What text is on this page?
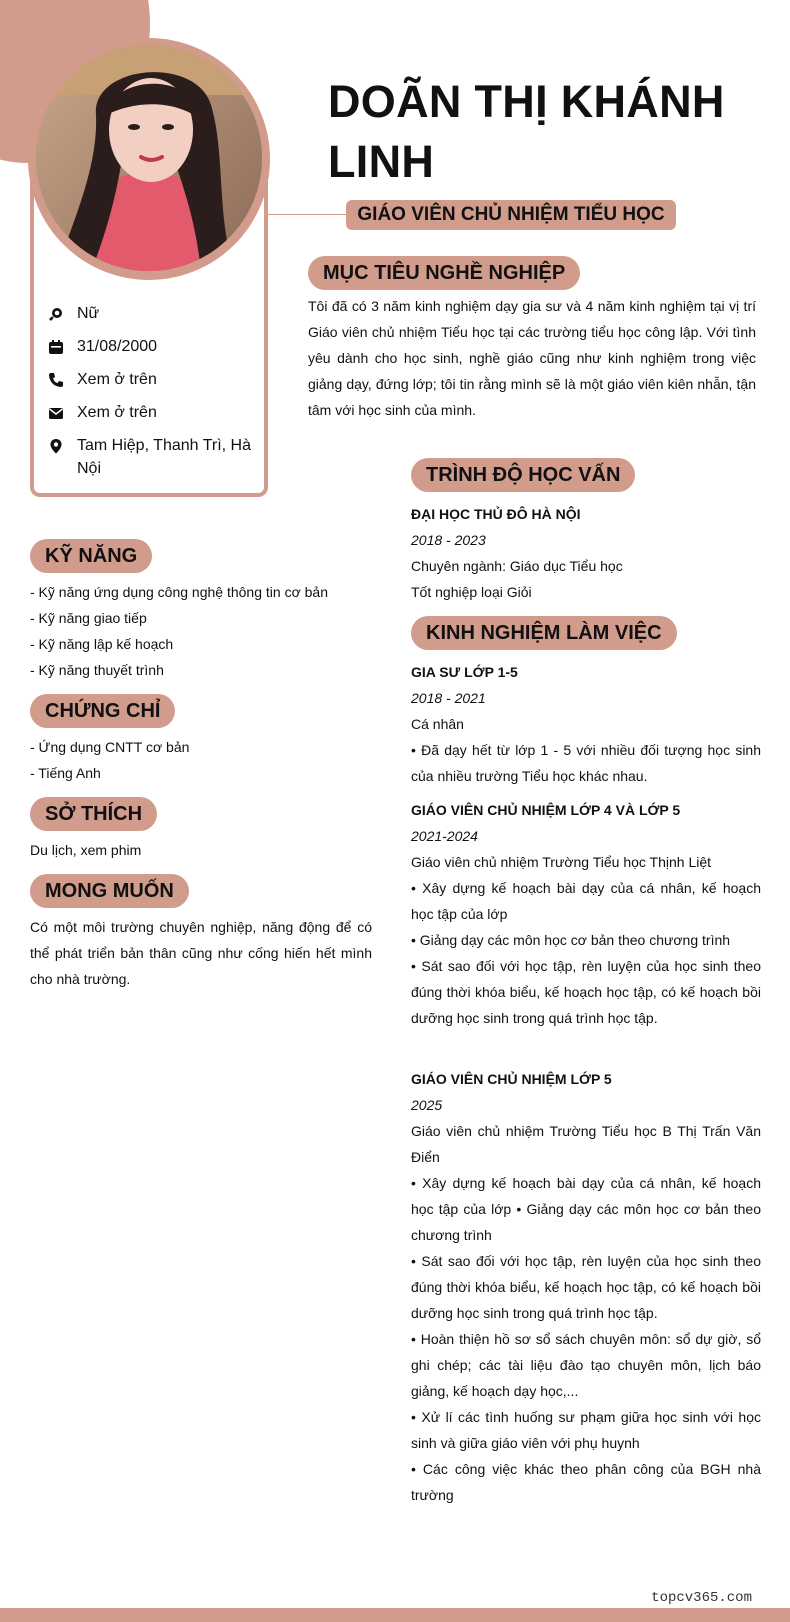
Nữ
31/08/2000
Xem ở trên
Xem ở trên
Tam Hiệp, Thanh Trì, Hà Nội
DOÃN THỊ KHÁNH LINH
GIÁO VIÊN CHỦ NHIỆM TIỂU HỌC
MỤC TIÊU NGHỀ NGHIỆP
Tôi đã có 3 năm kinh nghiệm dạy gia sư và 4 năm kinh nghiệm tại vị trí Giáo viên chủ nhiệm Tiểu học tại các trường tiểu học công lập. Với tình yêu dành cho học sinh, nghề giáo cũng như kinh nghiệm trong việc giảng dạy, đứng lớp; tôi tin rằng mình sẽ là một giáo viên kiên nhẫn, tận tâm với học sinh của mình.
KỸ NĂNG
- Kỹ năng ứng dụng công nghệ thông tin cơ bản
- Kỹ năng giao tiếp
- Kỹ năng lập kế hoạch
- Kỹ năng thuyết trình
CHỨNG CHỈ
- Ứng dụng CNTT cơ bản
- Tiếng Anh
SỞ THÍCH
Du lịch, xem phim
MONG MUỐN
Có một môi trường chuyên nghiệp, năng động để có thể phát triển bản thân cũng như cống hiến hết mình cho nhà trường.
TRÌNH ĐỘ HỌC VẤN
ĐẠI HỌC THỦ ĐÔ HÀ NỘI
2018 - 2023
Chuyên ngành: Giáo dục Tiểu học
Tốt nghiệp loại Giỏi
KINH NGHIỆM LÀM VIỆC
GIA SƯ LỚP 1-5
2018 - 2021
Cá nhân
• Đã dạy hết từ lớp 1 - 5 với nhiều đối tượng học sinh của nhiều trường Tiểu học khác nhau.
GIÁO VIÊN CHỦ NHIỆM LỚP 4 VÀ LỚP 5
2021-2024
Giáo viên chủ nhiệm Trường Tiểu học Thịnh Liệt
• Xây dựng kế hoạch bài dạy của cá nhân, kế hoạch học tập của lớp
• Giảng dạy các môn học cơ bản theo chương trình
• Sát sao đối với học tập, rèn luyện của học sinh theo đúng thời khóa biểu, kế hoạch học tập, có kế hoạch bồi dưỡng học sinh trong quá trình học tập.
GIÁO VIÊN CHỦ NHIỆM LỚP 5
2025
Giáo viên chủ nhiệm Trường Tiểu học B Thị Trấn Văn Điển
• Xây dựng kế hoạch bài dạy của cá nhân, kế hoạch học tập của lớp • Giảng dạy các môn học cơ bản theo chương trình
• Sát sao đối với học tập, rèn luyện của học sinh theo đúng thời khóa biểu, kế hoạch học tập, có kế hoạch bồi dưỡng học sinh trong quá trình học tập.
• Hoàn thiện hồ sơ sổ sách chuyên môn: sổ dự giờ, sổ ghi chép; các tài liệu đào tạo chuyên môn, lịch báo giảng, kế hoạch dạy học,...
• Xử lí các tình huống sư phạm giữa học sinh với học sinh và giữa giáo viên với phụ huynh
• Các công việc khác theo phân công của BGH nhà trường
topcv365.com
